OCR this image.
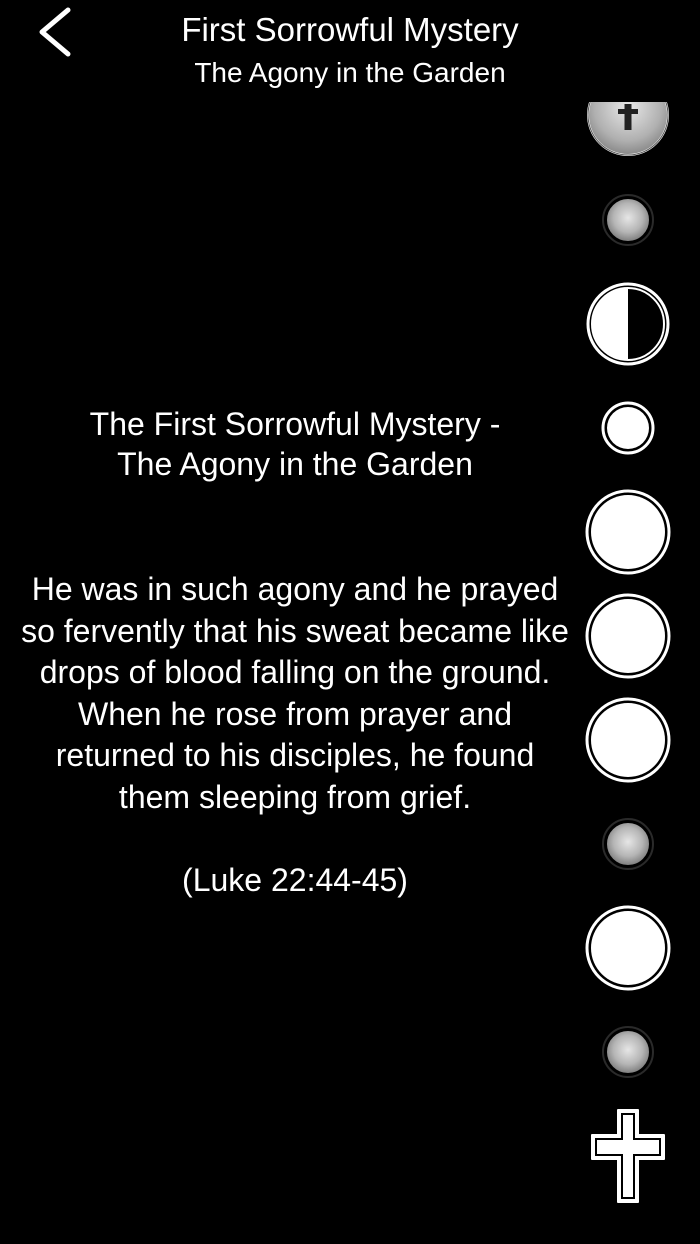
First Sorrowful Mystery
The Agony in the Garden

The First Sorrowful Mystery -
The Agony in the Garden

He was in such agony and he prayed
so fervently that his sweat became like
drops of blood falling on the ground.
When he rose from prayer and
returned to his disciples, he found
them sleeping from grief.

(Luke 22:44-45)
